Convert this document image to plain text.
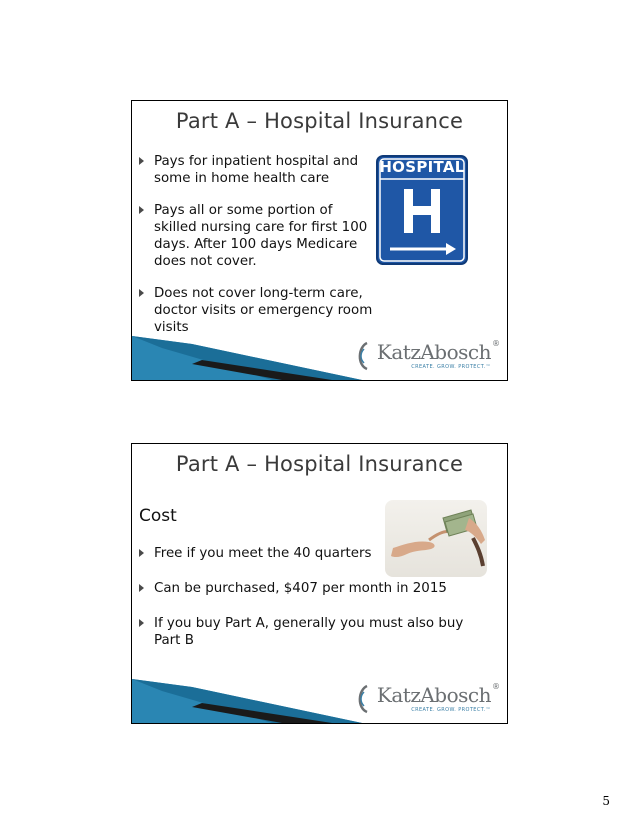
Part A – Hospital Insurance
Pays for inpatient hospital and some in home health care
Pays all or some portion of skilled nursing care for first 100 days. After 100 days Medicare does not cover.
Does not cover long-term care, doctor visits or emergency room visits
HOSPITAL
KatzAbosch ®
CREATE. GROW. PROTECT.™
Part A – Hospital Insurance
Cost
Free if you meet the 40 quarters
Can be purchased, $407 per month in 2015
If you buy Part A, generally you must also buy Part B
KatzAbosch ®
CREATE. GROW. PROTECT.™
5
